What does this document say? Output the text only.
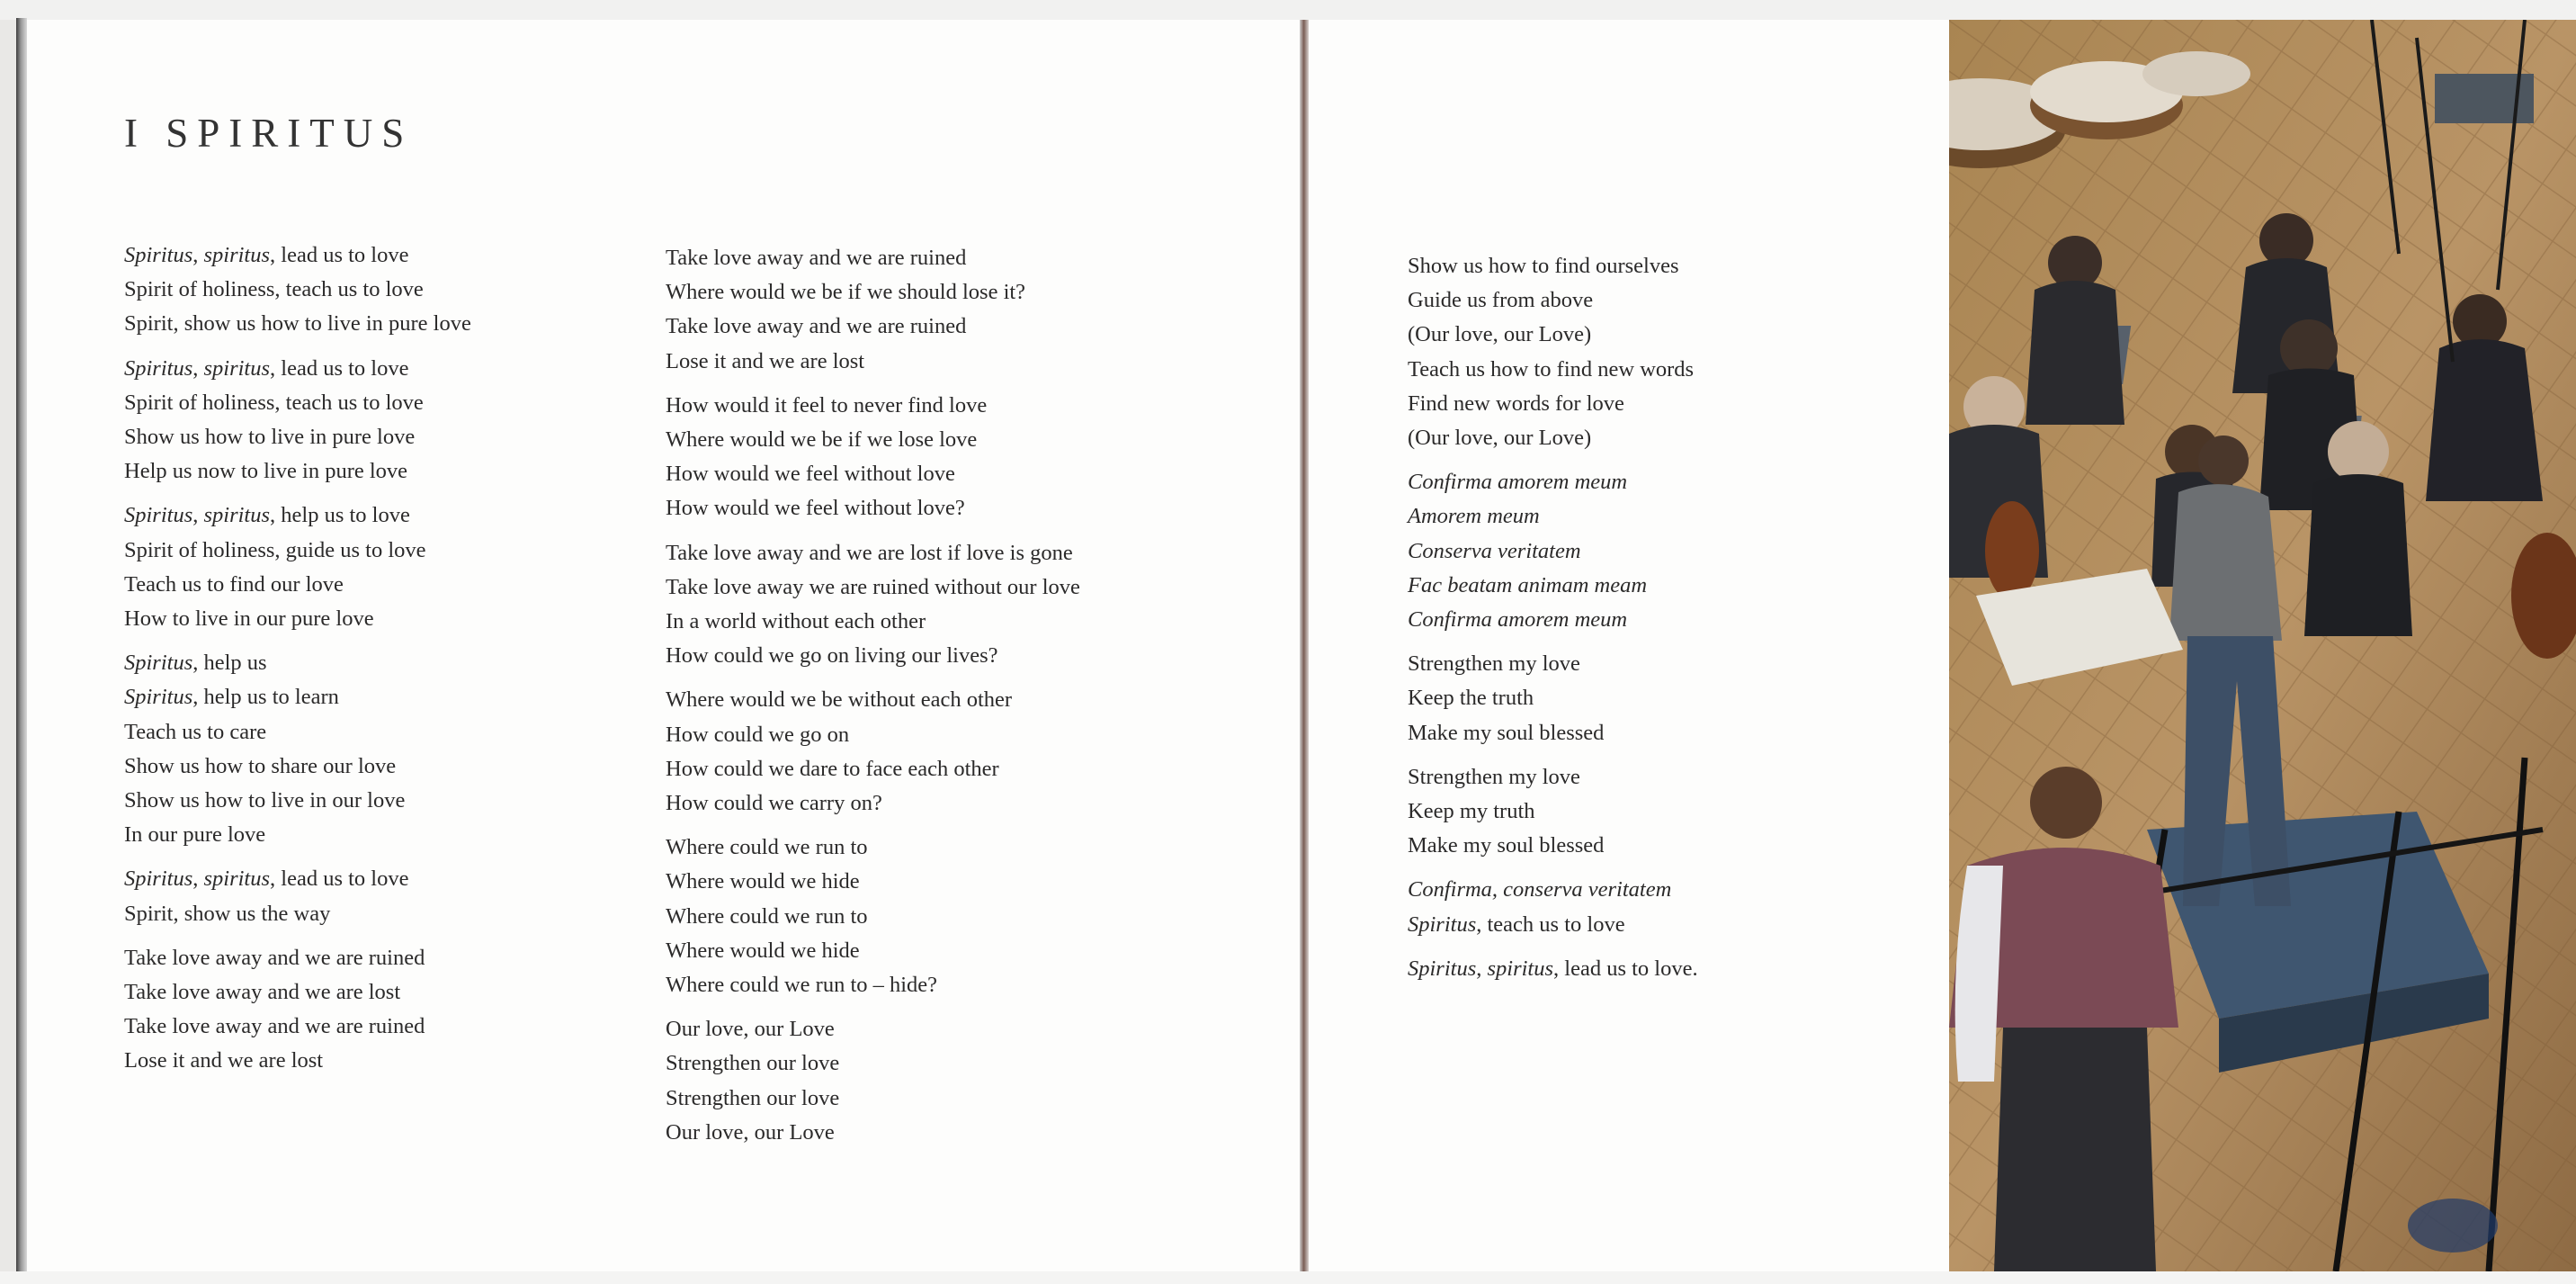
I SPIRITUS
Spiritus, spiritus, lead us to love
Spirit of holiness, teach us to love
Spirit, show us how to live in pure love
Spiritus, spiritus, lead us to love
Spirit of holiness, teach us to love
Show us how to live in pure love
Help us now to live in pure love
Spiritus, spiritus, help us to love
Spirit of holiness, guide us to love
Teach us to find our love
How to live in our pure love
Spiritus, help us
Spiritus, help us to learn
Teach us to care
Show us how to share our love
Show us how to live in our love
In our pure love
Spiritus, spiritus, lead us to love
Spirit, show us the way
Take love away and we are ruined
Take love away and we are lost
Take love away and we are ruined
Lose it and we are lost
Take love away and we are ruined
Where would we be if we should lose it?
Take love away and we are ruined
Lose it and we are lost
How would it feel to never find love
Where would we be if we lose love
How would we feel without love
How would we feel without love?
Take love away and we are lost if love is gone
Take love away we are ruined without our love
In a world without each other
How could we go on living our lives?
Where would we be without each other
How could we go on
How could we dare to face each other
How could we carry on?
Where could we run to
Where would we hide
Where could we run to
Where would we hide
Where could we run to – hide?
Our love, our Love
Strengthen our love
Strengthen our love
Our love, our Love
Show us how to find ourselves
Guide us from above
(Our love, our Love)
Teach us how to find new words
Find new words for love
(Our love, our Love)
Confirma amorem meum
Amorem meum
Conserva veritatem
Fac beatam animam meam
Confirma amorem meum
Strengthen my love
Keep the truth
Make my soul blessed
Strengthen my love
Keep my truth
Make my soul blessed
Confirma, conserva veritatem
Spiritus, teach us to love
Spiritus, spiritus, lead us to love.
